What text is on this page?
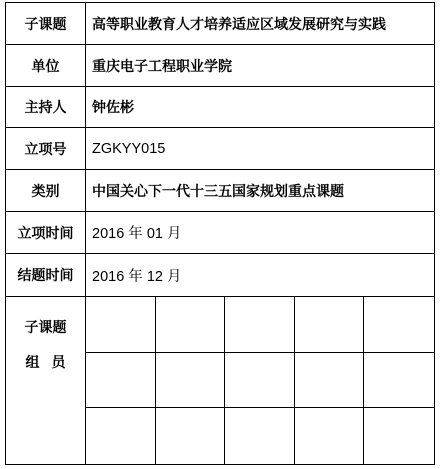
子课题	高等职业教育人才培养适应区域发展研究与实践
单位	重庆电子工程职业学院
主持人	钟佐彬
立项号	ZGKYY015
类别	中国关心下一代十三五国家规划重点课题
立项时间	2016 年 01 月
结题时间	2016 年 12 月
子课题
组员
